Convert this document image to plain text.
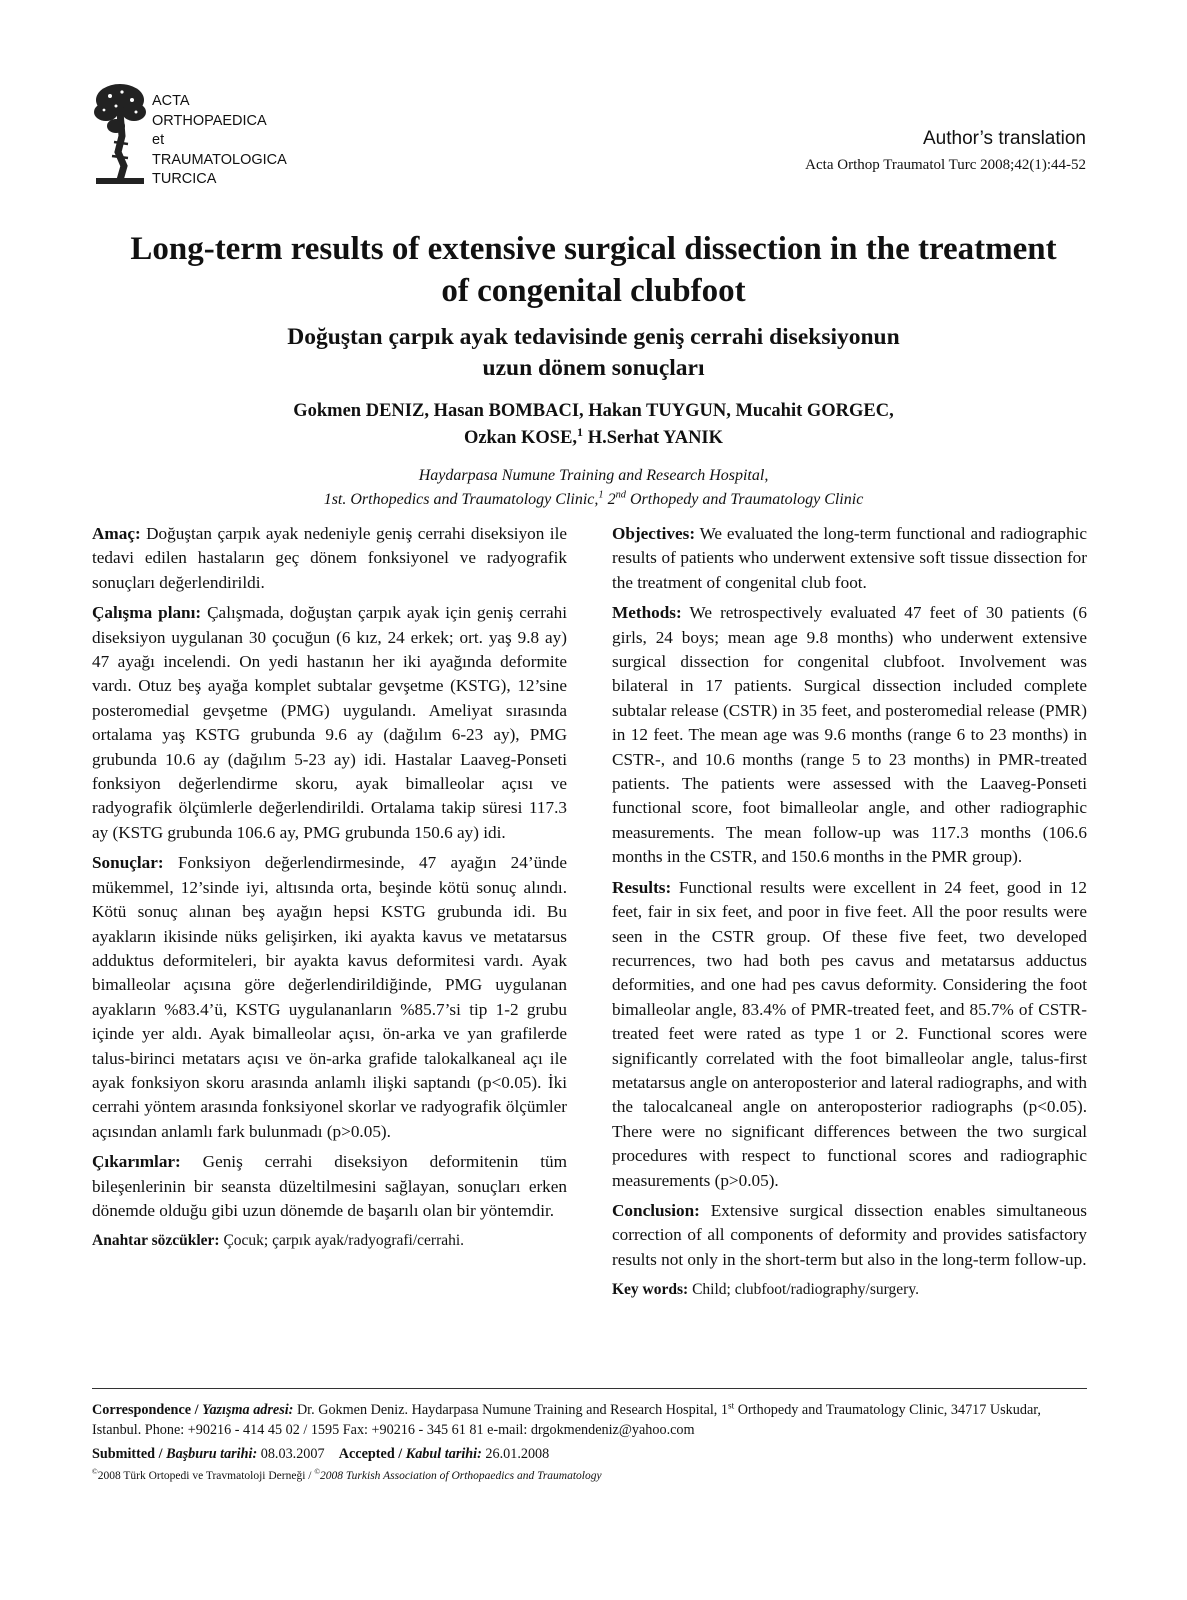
ACTA
ORTHOPAEDICA
et
TRAUMATOLOGICA
TURCICA
Author’s translation
Acta Orthop Traumatol Turc 2008;42(1):44-52
Long-term results of extensive surgical dissection in the treatment
of congenital clubfoot
Doğuştan çarpık ayak tedavisinde geniş cerrahi diseksiyonun
uzun dönem sonuçları
Gokmen DENIZ, Hasan BOMBACI, Hakan TUYGUN, Mucahit GORGEC,
Ozkan KOSE,$^1$ H.Serhat YANIK
Haydarpasa Numune Training and Research Hospital,
1st. Orthopedics and Traumatology Clinic,$^1$ 2nd Orthopedy and Traumatology Clinic

Amaç: Doğuştan çarpık ayak nedeniyle geniş cerrahi diseksiyon ile tedavi edilen hastaların geç dönem fonksiyonel ve radyografik sonuçları değerlendirildi.

Çalışma planı: Çalışmada, doğuştan çarpık ayak için geniş cerrahi diseksiyon uygulanan 30 çocuğun (6 kız, 24 erkek; ort. yaş 9.8 ay) 47 ayağı incelendi. On yedi hastanın her iki ayağında deformite vardı. Otuz beş ayağa komplet subtalar gevşetme (KSTG), 12’sine posteromedial gevşetme (PMG) uygulandı. Ameliyat sırasında ortalama yaş KSTG grubunda 9.6 ay (dağılım 6-23 ay), PMG grubunda 10.6 ay (dağılım 5-23 ay) idi. Hastalar Laaveg-Ponseti fonksiyon değerlendirme skoru, ayak bimalleolar açısı ve radyografik ölçümlerle değerlendirildi. Ortalama takip süresi 117.3 ay (KSTG grubunda 106.6 ay, PMG grubunda 150.6 ay) idi.

Sonuçlar: Fonksiyon değerlendirmesinde, 47 ayağın 24’ünde mükemmel, 12’sinde iyi, altısında orta, beşinde kötü sonuç alındı. Kötü sonuç alınan beş ayağın hepsi KSTG grubunda idi. Bu ayakların ikisinde nüks gelişirken, iki ayakta kavus ve metatarsus adduktus deformiteleri, bir ayakta kavus deformitesi vardı. Ayak bimalleolar açısına göre değerlendirildiğinde, PMG uygulanan ayakların %83.4’ü, KSTG uygulananların %85.7’si tip 1-2 grubu içinde yer aldı. Ayak bimalleolar açısı, ön-arka ve yan grafilerde talus-birinci metatars açısı ve ön-arka grafide talokalkaneal açı ile ayak fonksiyon skoru arasında anlamlı ilişki saptandı (p<0.05). İki cerrahi yöntem arasında fonksiyonel skorlar ve radyografik ölçümler açısından anlamlı fark bulunmadı (p>0.05).

Çıkarımlar: Geniş cerrahi diseksiyon deformitenin tüm bileşenlerinin bir seansta düzeltilmesini sağlayan, sonuçları erken dönemde olduğu gibi uzun dönemde de başarılı olan bir yöntemdir.

Anahtar sözcükler: Çocuk; çarpık ayak/radyografi/cerrahi.

Objectives: We evaluated the long-term functional and radiographic results of patients who underwent extensive soft tissue dissection for the treatment of congenital club foot.

Methods: We retrospectively evaluated 47 feet of 30 patients (6 girls, 24 boys; mean age 9.8 months) who underwent extensive surgical dissection for congenital clubfoot. Involvement was bilateral in 17 patients. Surgical dissection included complete subtalar release (CSTR) in 35 feet, and posteromedial release (PMR) in 12 feet. The mean age was 9.6 months (range 6 to 23 months) in CSTR-, and 10.6 months (range 5 to 23 months) in PMR-treated patients. The patients were assessed with the Laaveg-Ponseti functional score, foot bimalleolar angle, and other radiographic measurements. The mean follow-up was 117.3 months (106.6 months in the CSTR, and 150.6 months in the PMR group).

Results: Functional results were excellent in 24 feet, good in 12 feet, fair in six feet, and poor in five feet. All the poor results were seen in the CSTR group. Of these five feet, two developed recurrences, two had both pes cavus and metatarsus adductus deformities, and one had pes cavus deformity. Considering the foot bimalleolar angle, 83.4% of PMR-treated feet, and 85.7% of CSTR-treated feet were rated as type 1 or 2. Functional scores were significantly correlated with the foot bimalleolar angle, talus-first metatarsus angle on anteroposterior and lateral radiographs, and with the talocalcaneal angle on anteroposterior radiographs (p<0.05). There were no significant differences between the two surgical procedures with respect to functional scores and radiographic measurements (p>0.05).

Conclusion: Extensive surgical dissection enables simultaneous correction of all components of deformity and provides satisfactory results not only in the short-term but also in the long-term follow-up.

Key words: Child; clubfoot/radiography/surgery.

Correspondence / Yazışma adresi: Dr. Gokmen Deniz. Haydarpasa Numune Training and Research Hospital, 1st Orthopedy and Traumatology Clinic, 34717 Uskudar, Istanbul. Phone: +90216 - 414 45 02 / 1595 Fax: +90216 - 345 61 81 e-mail: drgokmendeniz@yahoo.com
Submitted / Başburu tarihi: 08.03.2007 Accepted / Kabul tarihi: 26.01.2008
©2008 Türk Ortopedi ve Travmatoloji Derneği / ©2008 Turkish Association of Orthopaedics and Traumatology
